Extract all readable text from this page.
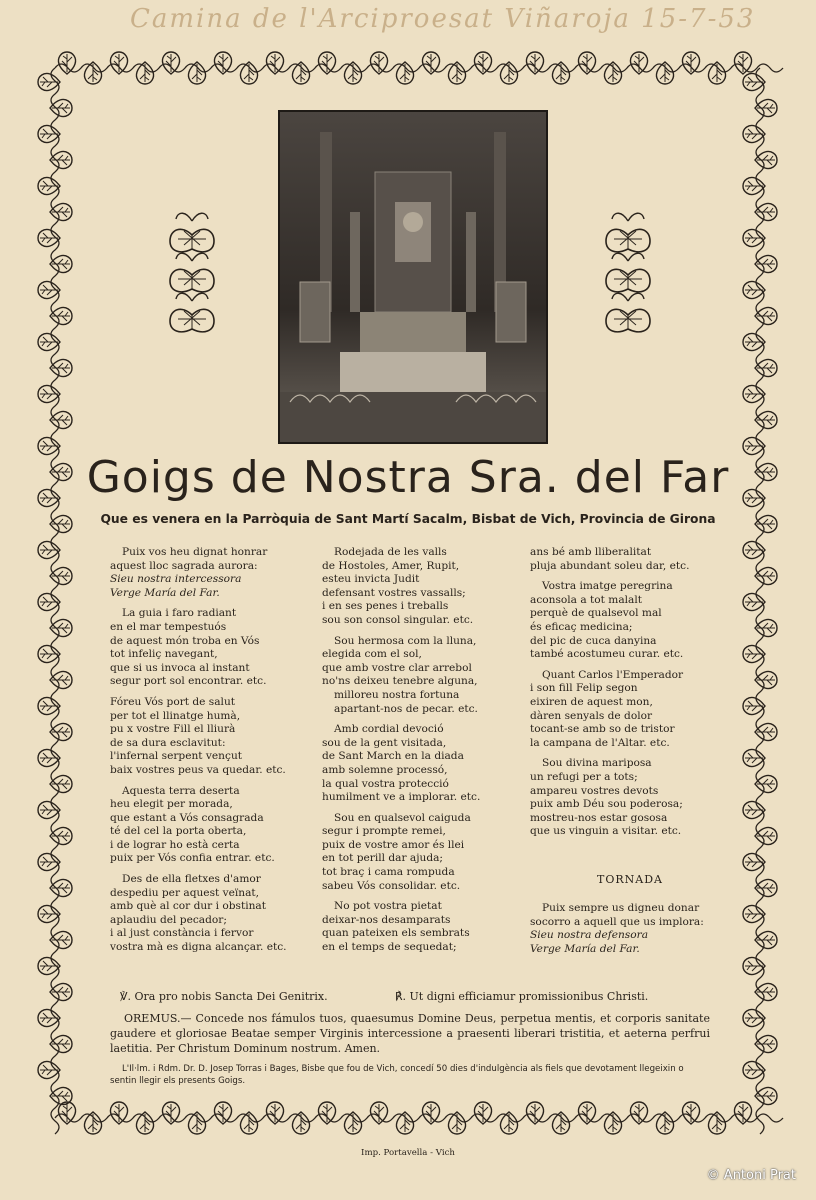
Camina de l'Arciproesat Viñaroja 15-7-53
Goigs de Nostra Sra. del Far
Que es venera en la Parròquia de Sant Martí Sacalm, Bisbat de Vich, Provincia de Girona
Puix vos heu dignat honrar
aquest lloc sagrada aurora:
Sieu nostra intercessora
Verge María del Far.
La guia i faro radiant
en el mar tempestuós
de aquest món troba en Vós
tot infeliç navegant,
que si us invoca al instant
segur port sol encontrar. etc.
Fóreu Vós port de salut
per tot el llinatge humà,
pu x vostre Fill el lliurà
de sa dura esclavitut:
l'infernal serpent vençut
baix vostres peus va quedar. etc.
Aquesta terra deserta
heu elegit per morada,
que estant a Vós consagrada
té del cel la porta oberta,
i de lograr ho està certa
puix per Vós confia entrar. etc.
Des de ella fletxes d'amor
despediu per aquest veïnat,
amb què al cor dur i obstinat
aplaudiu del pecador;
i al just constància i fervor
vostra mà es digna alcançar. etc.
Rodejada de les valls
de Hostoles, Amer, Rupit,
esteu invicta Judit
defensant vostres vassalls;
i en ses penes i treballs
sou son consol singular. etc.
Sou hermosa com la lluna,
elegida com el sol,
que amb vostre clar arrebol
no'ns deixeu tenebre alguna,
milloreu nostra fortuna
apartant-nos de pecar. etc.
Amb cordial devoció
sou de la gent visitada,
de Sant March en la diada
amb solemne processó,
la qual vostra protecció
humilment ve a implorar. etc.
Sou en qualsevol caiguda
segur i prompte remei,
puix de vostre amor és llei
en tot perill dar ajuda;
tot braç i cama rompuda
sabeu Vós consolidar. etc.
No pot vostra pietat
deixar-nos desamparats
quan pateixen els sembrats
en el temps de sequedat;
ans bé amb lliberalitat
pluja abundant soleu dar, etc.
Vostra imatge peregrina
aconsola a tot malalt
perquè de qualsevol mal
és eficaç medicina;
del pic de cuca danyina
també acostumeu curar. etc.
Quant Carlos l'Emperador
i son fill Felip segon
eixiren de aquest mon,
dàren senyals de dolor
tocant-se amb so de tristor
la campana de l'Altar. etc.
Sou divina mariposa
un refugi per a tots;
ampareu vostres devots
puix amb Déu sou poderosa;
mostreu-nos estar gososa
que us vinguin a visitar. etc.
TORNADA
Puix sempre us digneu donar
socorro a aquell que us implora:
Sieu nostra defensora
Verge María del Far.
℣. Ora pro nobis Sancta Dei Genitrix.	℟. Ut digni efficiamur promissionibus Christi.

OREMUS.— Concede nos fámulos tuos, quaesumus Domine Deus, perpetua mentis, et corporis sanitate gaudere et gloriosae Beatae semper Virginis intercessione a praesenti liberari tristitia, et aeterna perfrui laetitia. Per Christum Dominum nostrum. Amen.

L'Il·lm. i Rdm. Dr. D. Josep Torras i Bages, Bisbe que fou de Vich, concedí 50 dies d'indulgència als fiels que devotament llegeixin o sentin llegir els presents Goigs.

Imp. Portavella - Vich
© Antoni Prat
